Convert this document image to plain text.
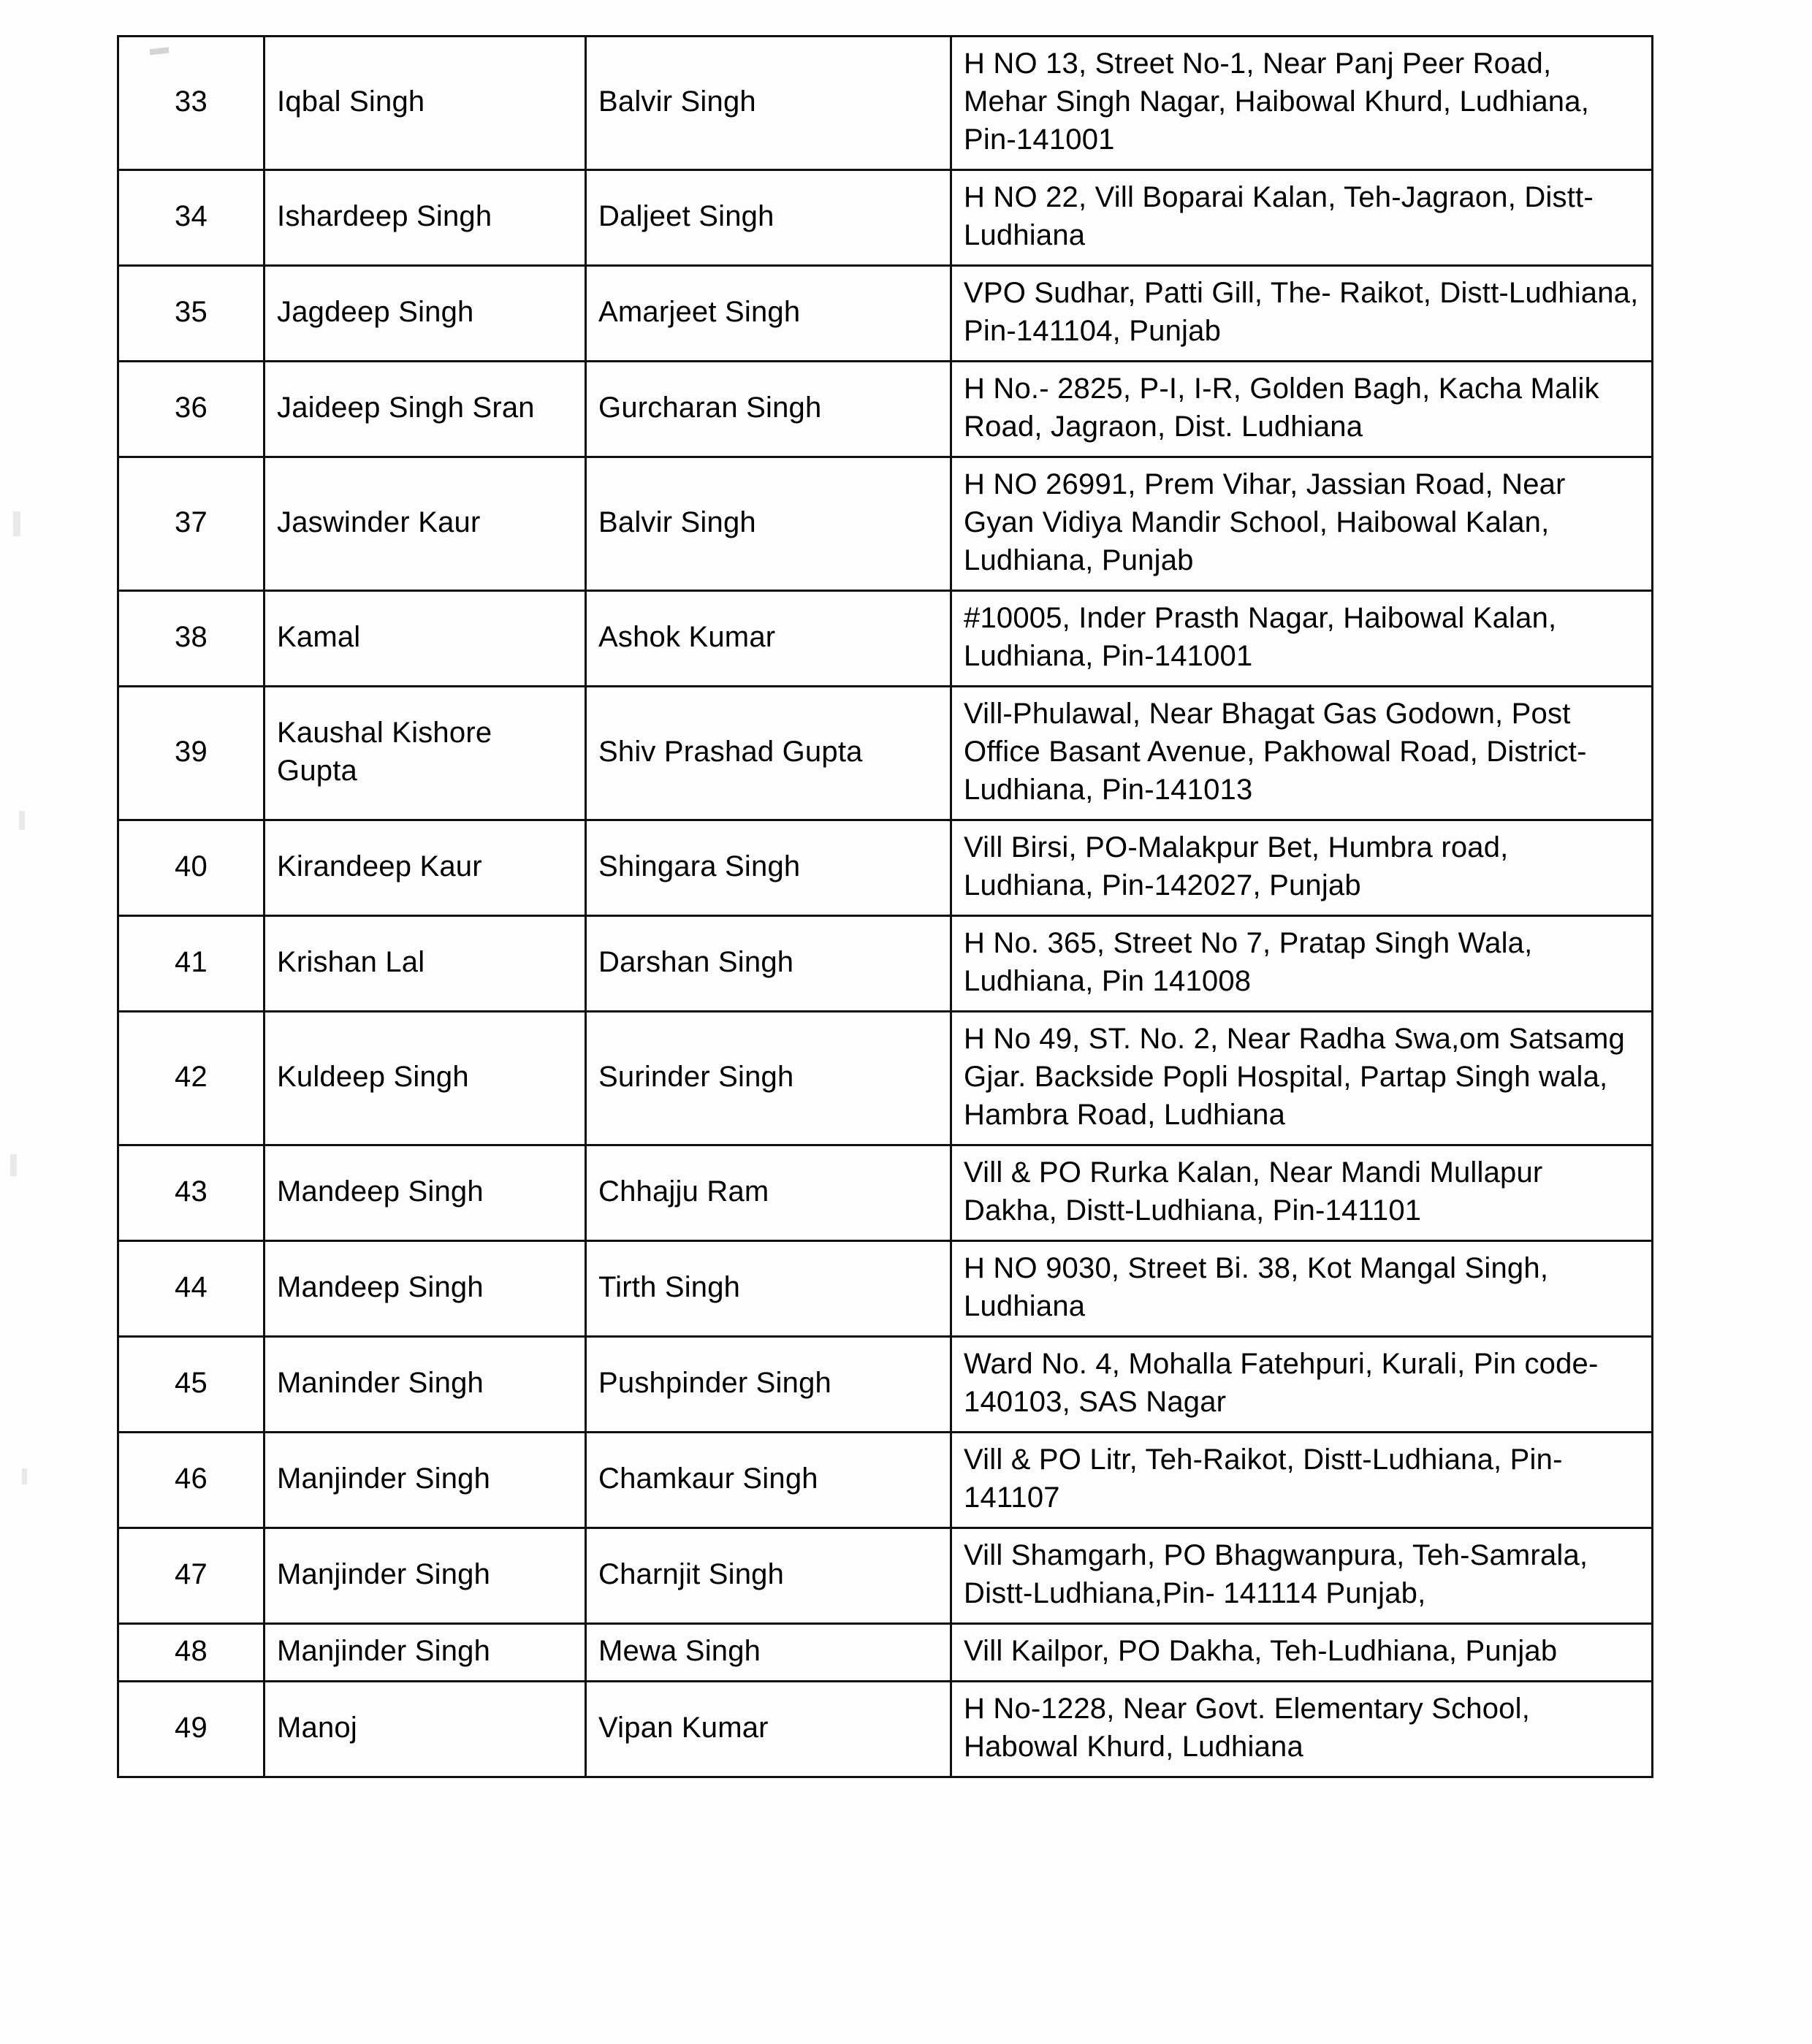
33	Iqbal Singh	Balvir Singh	H NO 13, Street No-1, Near Panj Peer Road, Mehar Singh Nagar, Haibowal Khurd, Ludhiana, Pin-141001
34	Ishardeep Singh	Daljeet Singh	H NO 22, Vill Boparai Kalan, Teh-Jagraon, Distt-Ludhiana
35	Jagdeep Singh	Amarjeet Singh	VPO Sudhar, Patti Gill, The- Raikot, Distt-Ludhiana, Pin-141104, Punjab
36	Jaideep Singh Sran	Gurcharan Singh	H No.- 2825, P-I, I-R, Golden Bagh, Kacha Malik Road, Jagraon, Dist. Ludhiana
37	Jaswinder Kaur	Balvir Singh	H NO 26991, Prem Vihar, Jassian Road, Near Gyan Vidiya Mandir School, Haibowal Kalan, Ludhiana, Punjab
38	Kamal	Ashok Kumar	#10005, Inder Prasth Nagar, Haibowal Kalan, Ludhiana, Pin-141001
39	Kaushal Kishore Gupta	Shiv Prashad Gupta	Vill-Phulawal, Near Bhagat Gas Godown, Post Office Basant Avenue, Pakhowal Road, District-Ludhiana, Pin-141013
40	Kirandeep Kaur	Shingara Singh	Vill Birsi, PO-Malakpur Bet, Humbra road, Ludhiana, Pin-142027, Punjab
41	Krishan Lal	Darshan Singh	H No. 365, Street No 7, Pratap Singh Wala, Ludhiana, Pin 141008
42	Kuldeep Singh	Surinder Singh	H No 49, ST. No. 2, Near Radha Swa,om Satsamg Gjar. Backside Popli Hospital, Partap Singh wala, Hambra Road, Ludhiana
43	Mandeep Singh	Chhajju Ram	Vill & PO Rurka Kalan, Near Mandi Mullapur Dakha, Distt-Ludhiana, Pin-141101
44	Mandeep Singh	Tirth Singh	H NO 9030, Street Bi. 38, Kot Mangal Singh, Ludhiana
45	Maninder Singh	Pushpinder Singh	Ward No. 4, Mohalla Fatehpuri, Kurali, Pin code-140103, SAS Nagar
46	Manjinder Singh	Chamkaur Singh	Vill & PO Litr, Teh-Raikot, Distt-Ludhiana, Pin-141107
47	Manjinder Singh	Charnjit Singh	Vill Shamgarh, PO Bhagwanpura, Teh-Samrala, Distt-Ludhiana,Pin- 141114 Punjab,
48	Manjinder Singh	Mewa Singh	Vill Kailpor, PO Dakha, Teh-Ludhiana, Punjab
49	Manoj	Vipan Kumar	H No-1228, Near Govt. Elementary School, Habowal Khurd, Ludhiana
